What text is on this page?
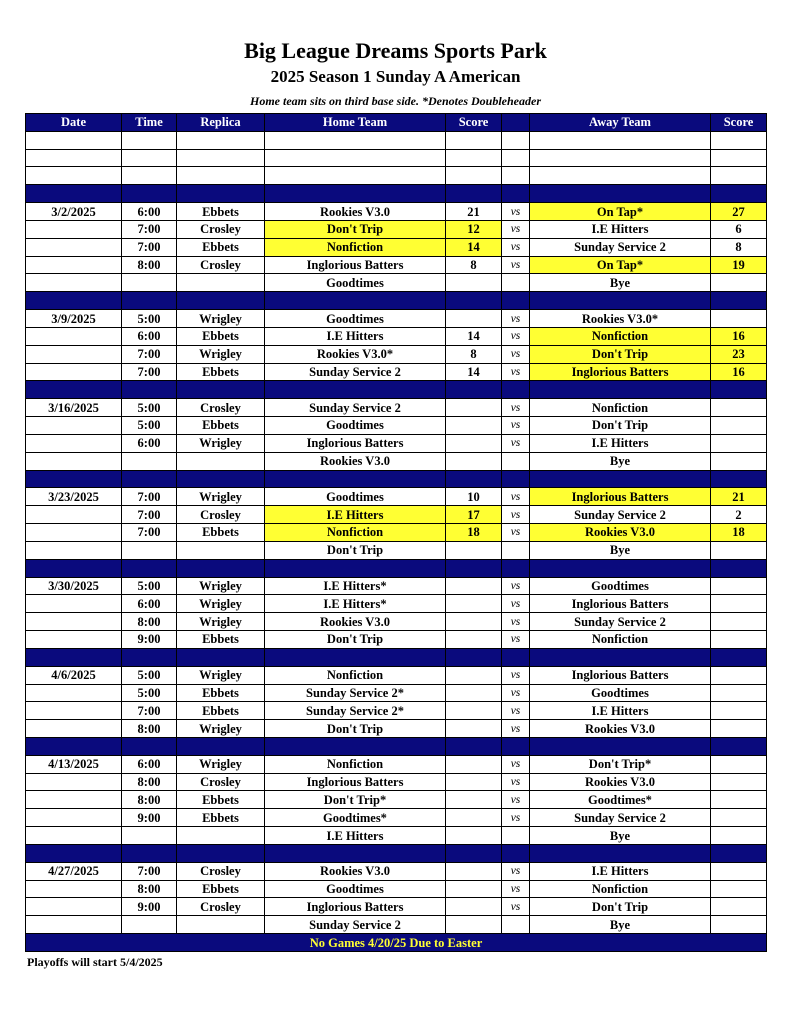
Big League Dreams Sports Park
2025 Season 1 Sunday A American
Home team sits on third base side. *Denotes Doubleheader
Date	Time	Replica	Home Team	Score		Away Team	Score

3/2/2025	6:00	Ebbets	Rookies V3.0	21	vs	On Tap*	27
	7:00	Crosley	Don't Trip	12	vs	I.E Hitters	6
	7:00	Ebbets	Nonfiction	14	vs	Sunday Service 2	8
	8:00	Crosley	Inglorious Batters	8	vs	On Tap*	19
			Goodtimes			Bye	

3/9/2025	5:00	Wrigley	Goodtimes		vs	Rookies V3.0*	
	6:00	Ebbets	I.E Hitters	14	vs	Nonfiction	16
	7:00	Wrigley	Rookies V3.0*	8	vs	Don't Trip	23
	7:00	Ebbets	Sunday Service 2	14	vs	Inglorious Batters	16

3/16/2025	5:00	Crosley	Sunday Service 2		vs	Nonfiction	
	5:00	Ebbets	Goodtimes		vs	Don't Trip	
	6:00	Wrigley	Inglorious Batters		vs	I.E Hitters	
			Rookies V3.0			Bye	

3/23/2025	7:00	Wrigley	Goodtimes	10	vs	Inglorious Batters	21
	7:00	Crosley	I.E Hitters	17	vs	Sunday Service 2	2
	7:00	Ebbets	Nonfiction	18	vs	Rookies V3.0	18
			Don't Trip			Bye	

3/30/2025	5:00	Wrigley	I.E Hitters*		vs	Goodtimes	
	6:00	Wrigley	I.E Hitters*		vs	Inglorious Batters	
	8:00	Wrigley	Rookies V3.0		vs	Sunday Service 2	
	9:00	Ebbets	Don't Trip		vs	Nonfiction	

4/6/2025	5:00	Wrigley	Nonfiction		vs	Inglorious Batters	
	5:00	Ebbets	Sunday Service 2*		vs	Goodtimes	
	7:00	Ebbets	Sunday Service 2*		vs	I.E Hitters	
	8:00	Wrigley	Don't Trip		vs	Rookies V3.0	

4/13/2025	6:00	Wrigley	Nonfiction		vs	Don't Trip*	
	8:00	Crosley	Inglorious Batters		vs	Rookies V3.0	
	8:00	Ebbets	Don't Trip*		vs	Goodtimes*	
	9:00	Ebbets	Goodtimes*		vs	Sunday Service 2	
			I.E Hitters			Bye	

4/27/2025	7:00	Crosley	Rookies V3.0		vs	I.E Hitters	
	8:00	Ebbets	Goodtimes		vs	Nonfiction	
	9:00	Crosley	Inglorious Batters		vs	Don't Trip	
			Sunday Service 2			Bye	
No Games 4/20/25 Due to Easter							
Playoffs will start 5/4/2025
